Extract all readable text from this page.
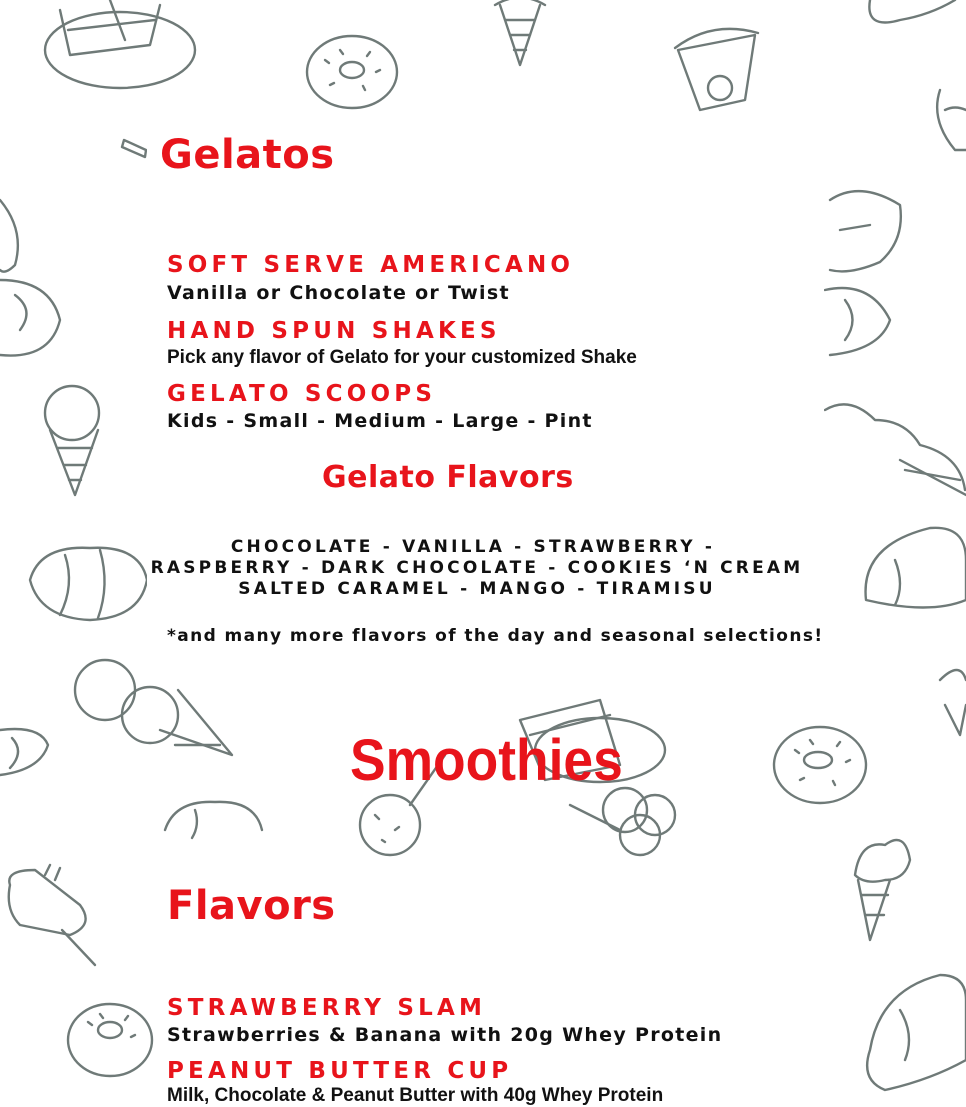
Gelatos
SOFT SERVE AMERICANO
Vanilla or Chocolate or Twist
HAND SPUN SHAKES
Pick any flavor of Gelato for your customized Shake
GELATO SCOOPS
Kids - Small - Medium - Large - Pint
Gelato Flavors
CHOCOLATE - VANILLA - STRAWBERRY -
RASPBERRY - DARK CHOCOLATE - COOKIES ‘N CREAM
SALTED CARAMEL - MANGO - TIRAMISU
*and many more flavors of the day and seasonal selections!
Smoothies
Flavors
STRAWBERRY SLAM
Strawberries & Banana with 20g Whey Protein
PEANUT BUTTER CUP
Milk, Chocolate & Peanut Butter with 40g Whey Protein
